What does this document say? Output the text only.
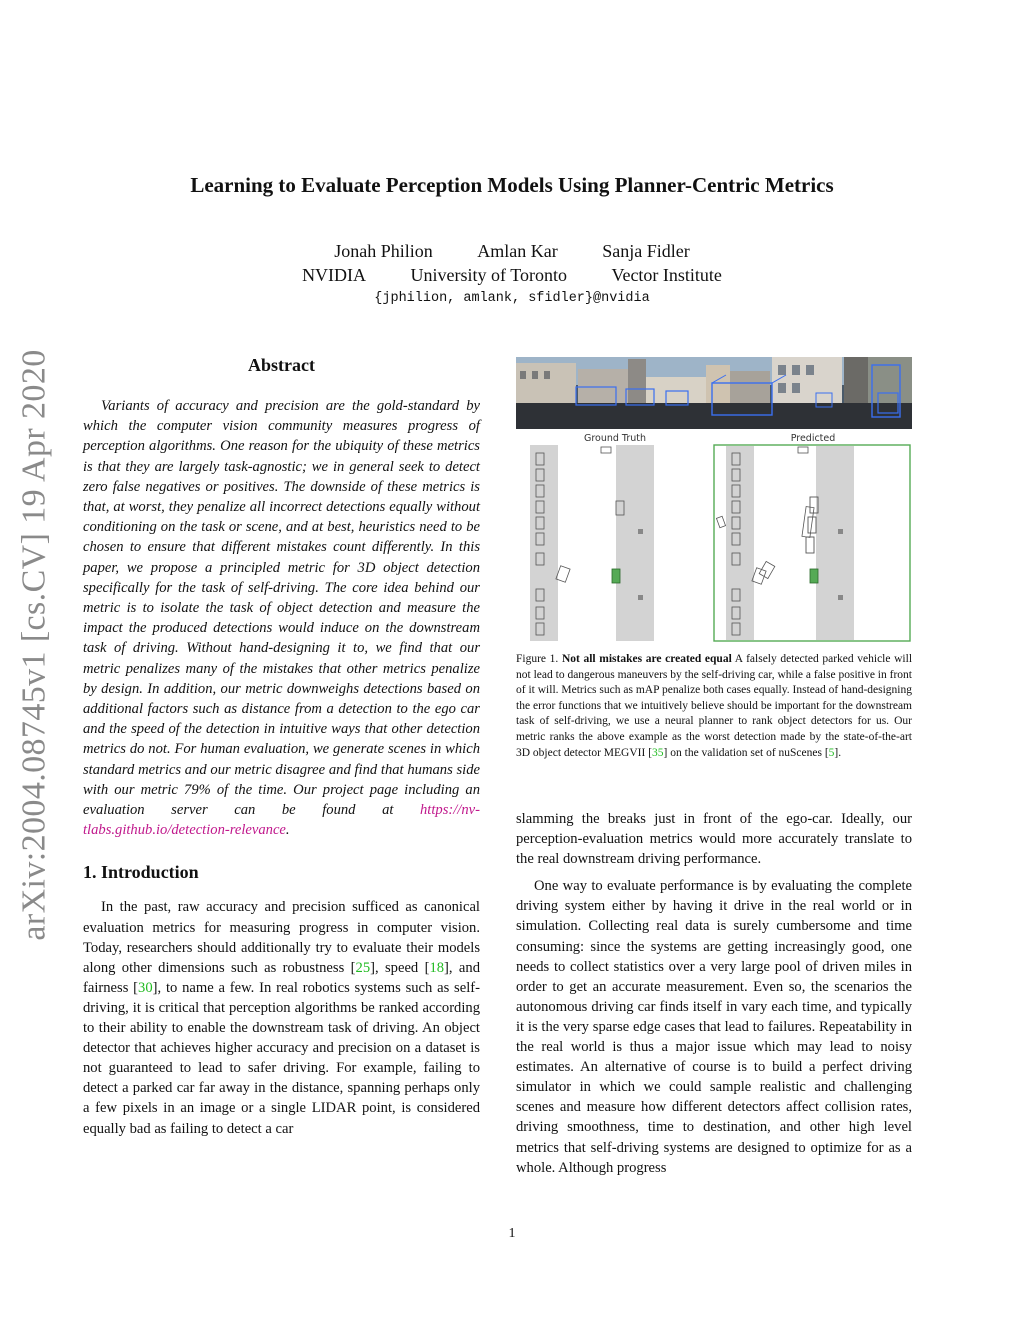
arXiv:2004.08745v1 [cs.CV] 19 Apr 2020
Learning to Evaluate Perception Models Using Planner-Centric Metrics
Jonah Philion Amlan Kar Sanja Fidler
NVIDIA University of Toronto Vector Institute
{jphilion, amlank, sfidler}@nvidia
Abstract

Variants of accuracy and precision are the gold-standard by which the computer vision community measures progress of perception algorithms. One reason for the ubiquity of these metrics is that they are largely task-agnostic; we in general seek to detect zero false negatives or positives. The downside of these metrics is that, at worst, they penalize all incorrect detections equally without conditioning on the task or scene, and at best, heuristics need to be chosen to ensure that different mistakes count differently. In this paper, we propose a principled metric for 3D object detection specifically for the task of self-driving. The core idea behind our metric is to isolate the task of object detection and measure the impact the produced detections would induce on the downstream task of driving. Without hand-designing it to, we find that our metric penalizes many of the mistakes that other metrics penalize by design. In addition, our metric downweighs detections based on additional factors such as distance from a detection to the ego car and the speed of the detection in intuitive ways that other detection metrics do not. For human evaluation, we generate scenes in which standard metrics and our metric disagree and find that humans side with our metric 79% of the time. Our project page including an evaluation server can be found at https://nv-tlabs.github.io/detection-relevance.

1. Introduction

In the past, raw accuracy and precision sufficed as canonical evaluation metrics for measuring progress in computer vision. Today, researchers should additionally try to evaluate their models along other dimensions such as robustness [25], speed [18], and fairness [30], to name a few. In real robotics systems such as self-driving, it is critical that perception algorithms be ranked according to their ability to enable the downstream task of driving. An object detector that achieves higher accuracy and precision on a dataset is not guaranteed to lead to safer driving. For example, failing to detect a parked car far away in the distance, spanning perhaps only a few pixels in an image or a single LIDAR point, is considered equally bad as failing to detect a car

Ground Truth	Predicted
Figure 1. Not all mistakes are created equal A falsely detected parked vehicle will not lead to dangerous maneuvers by the self-driving car, while a false positive in front of it will. Metrics such as mAP penalize both cases equally. Instead of hand-designing the error functions that we intuitively believe should be important for the downstream task of self-driving, we use a neural planner to rank object detectors for us. Our metric ranks the above example as the worst detection made by the state-of-the-art 3D object detector MEGVII [35] on the validation set of nuScenes [5].

slamming the breaks just in front of the ego-car. Ideally, our perception-evaluation metrics would more accurately translate to the real downstream driving performance.

One way to evaluate performance is by evaluating the complete driving system either by having it drive in the real world or in simulation. Collecting real data is surely cumbersome and time consuming: since the systems are getting increasingly good, one needs to collect statistics over a very large pool of driven miles in order to get an accurate measurement. Even so, the scenarios the autonomous driving car finds itself in vary each time, and typically it is the very sparse edge cases that lead to failures. Repeatability in the real world is thus a major issue which may lead to noisy estimates. An alternative of course is to build a perfect driving simulator in which we could sample realistic and challenging scenes and measure how different detectors affect collision rates, driving smoothness, time to destination, and other high level metrics that self-driving systems are designed to optimize for as a whole. Although progress

1
